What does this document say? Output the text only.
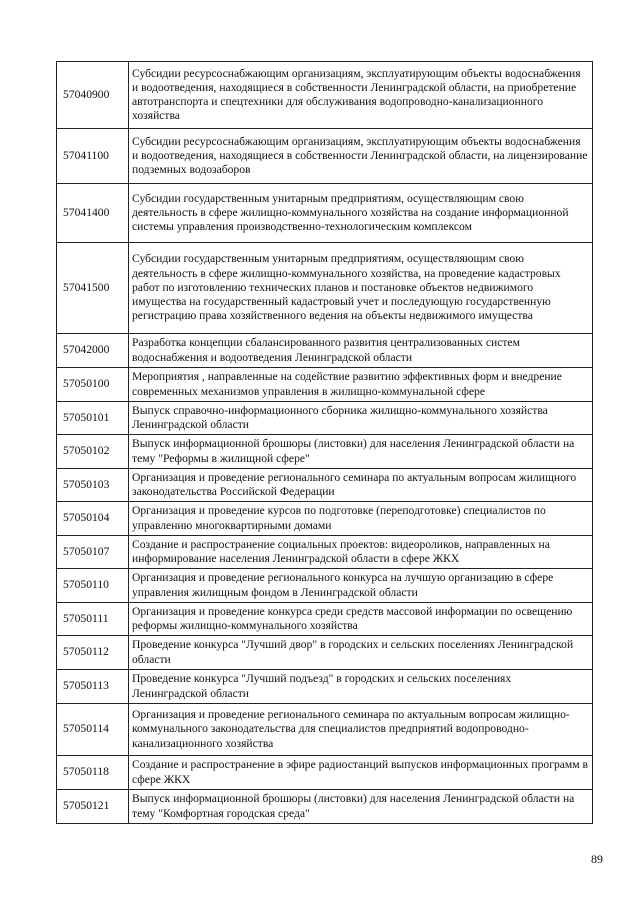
57040900	Субсидии ресурсоснабжающим организациям, эксплуатирующим объекты водоснабжения и водоотведения, находящиеся в собственности Ленинградской области, на приобретение автотранспорта и спецтехники для обслуживания водопроводно-канализационного хозяйства
57041100	Субсидии ресурсоснабжающим организациям, эксплуатирующим объекты водоснабжения и водоотведения, находящиеся в собственности Ленинградской области, на лицензирование подземных водозаборов
57041400	Субсидии государственным унитарным предприятиям, осуществляющим свою деятельность в сфере жилищно-коммунального хозяйства на создание информационной системы управления производственно-технологическим комплексом
57041500	Субсидии государственным унитарным предприятиям, осуществляющим свою деятельность в сфере жилищно-коммунального хозяйства, на проведение кадастровых работ по изготовлению технических планов и постановке объектов недвижимого имущества на государственный кадастровый учет и последующую государственную регистрацию права хозяйственного ведения на объекты недвижимого имущества
57042000	Разработка концепции сбалансированного развития централизованных систем водоснабжения и водоотведения Ленинградской области
57050100	Мероприятия , направленные на содействие развитию эффективных форм и внедрение современных механизмов управления в жилищно-коммунальной сфере
57050101	Выпуск справочно-информационного сборника жилищно-коммунального хозяйства Ленинградской области
57050102	Выпуск информационной брошюры (листовки) для населения Ленинградской области на тему "Реформы в жилищной сфере"
57050103	Организация и проведение регионального семинара по актуальным вопросам жилищного законодательства Российской Федерации
57050104	Организация и проведение курсов по подготовке (переподготовке) специалистов по управлению многоквартирными домами
57050107	Создание и распространение социальных проектов: видеороликов, направленных на информирование населения Ленинградской области в сфере ЖКХ
57050110	Организация и проведение регионального конкурса на лучшую организацию в сфере управления жилищным фондом в Ленинградской области
57050111	Организация и проведение конкурса среди средств массовой информации по освещению реформы жилищно-коммунального хозяйства
57050112	Проведение конкурса "Лучший двор" в городских и сельских поселениях Ленинградской области
57050113	Проведение конкурса "Лучший подъезд" в городских и сельских поселениях Ленинградской области
57050114	Организация и проведение регионального семинара по актуальным вопросам жилищно-коммунального законодательства для специалистов предприятий водопроводно-канализационного хозяйства
57050118	Создание и распространение в эфире радиостанций выпусков информационных программ в сфере ЖКХ
57050121	Выпуск информационной брошюры (листовки) для населения Ленинградской области на тему "Комфортная городская среда"
89
